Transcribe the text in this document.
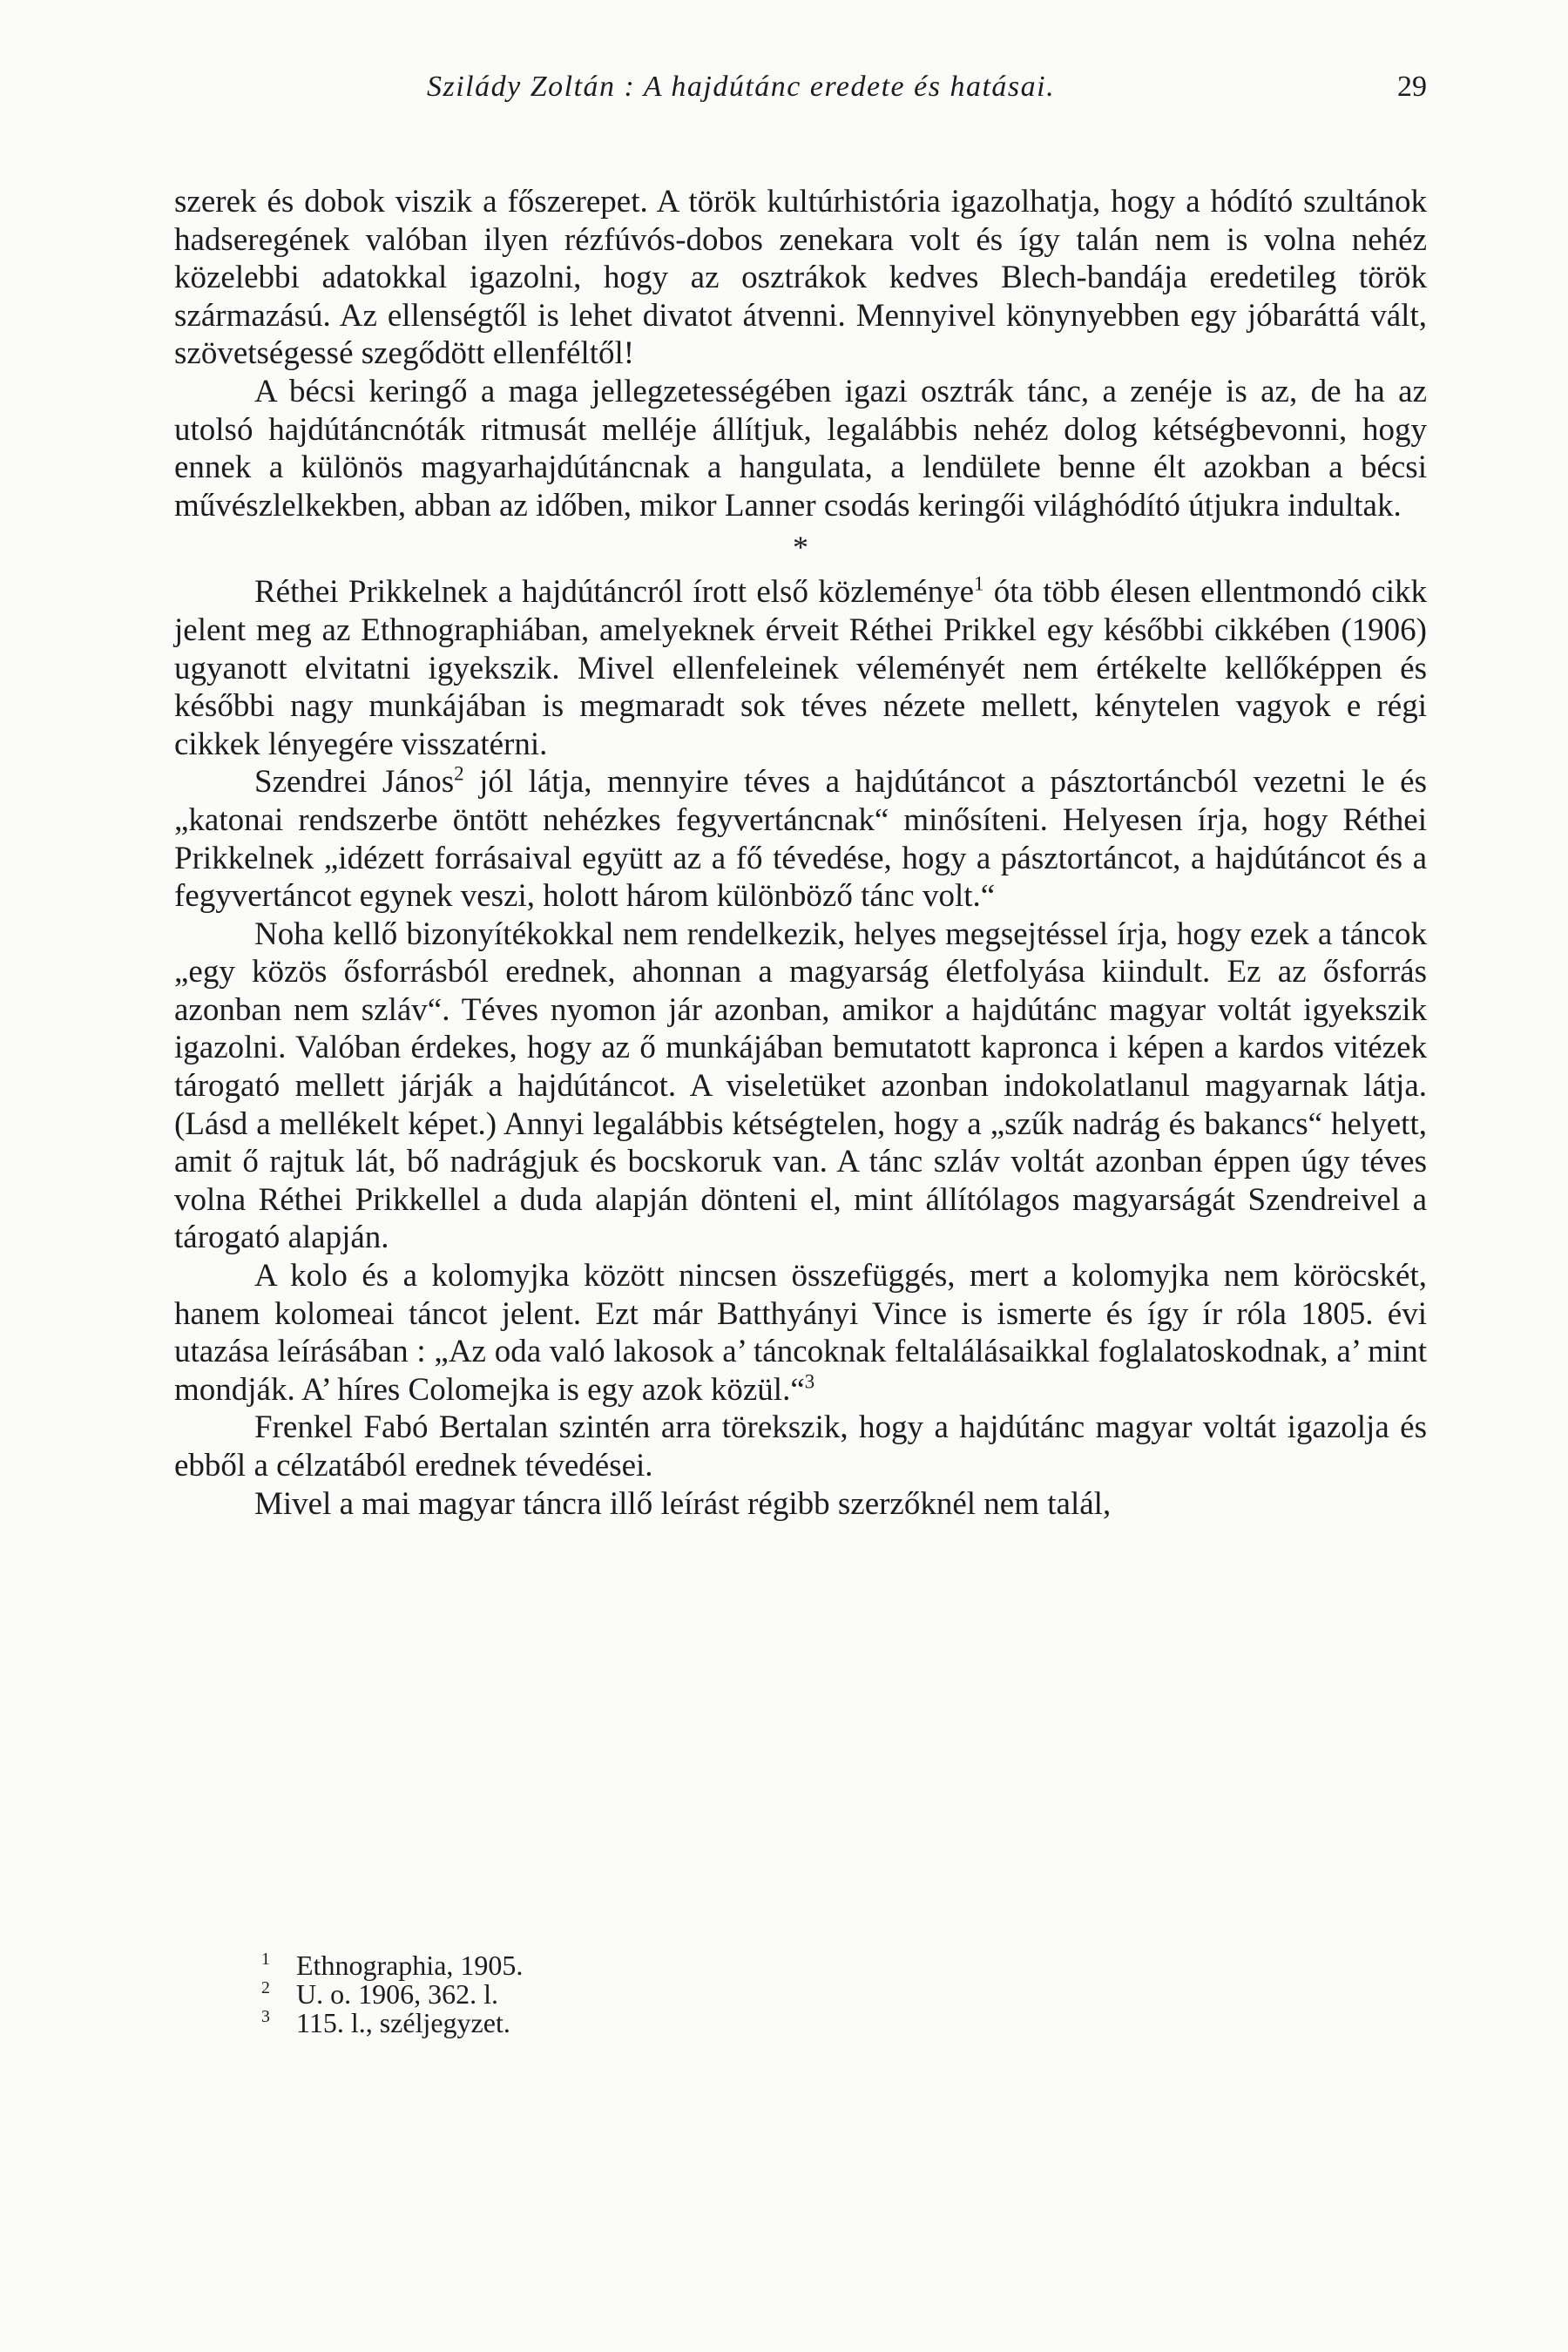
Sziládу Zoltán : A hajdútánc eredete és hatásai.	29

szerek és dobok viszik a főszerepet. A török kultúrhistória igazolhatja, hogy a hódító szultánok hadseregének valóban ilyen rézfúvós-dobos zenekara volt és így talán nem is volna nehéz közelebbi adatokkal igazolni, hogy az osztrákok kedves Blech-bandája eredetileg török származású. Az ellenségtől is lehet divatot átvenni. Mennyivel könynyebben egy jóbaráttá vált, szövetségessé szegődött ellenféltől!

A bécsi keringő a maga jellegzetességében igazi osztrák tánc, a zenéje is az, de ha az utolsó hajdútáncnóták ritmusát melléje állítjuk, legalábbis nehéz dolog kétségbevonni, hogy ennek a különös magyarhajdútáncnak a hangulata, a lendülete benne élt azokban a bécsi művészlelkekben, abban az időben, mikor Lanner csodás keringői világhódító útjukra indultak.

*

Réthei Prikkelnek a hajdútáncról írott első közleménye$^1$ óta több élesen ellentmondó cikk jelent meg az Ethnographiában, amelyeknek érveit Réthei Prikkel egy későbbi cikkében (1906) ugyanott elvitatni igyekszik. Mivel ellenfeleinek véleményét nem értékelte kellőképpen és későbbi nagy munkájában is megmaradt sok téves nézete mellett, kénytelen vagyok e régi cikkek lényegére visszatérni.

Szendrei János$^2$ jól látja, mennyire téves a hajdútáncot a pásztortáncból vezetni le és „katonai rendszerbe öntött nehézkes fegyvertáncnak“ minősíteni. Helyesen írja, hogy Réthei Prikkelnek „idézett forrásaival együtt az a fő tévedése, hogy a pásztortáncot, a hajdútáncot és a fegyvertáncot egynek veszi, holott három különböző tánc volt.“

Noha kellő bizonyítékokkal nem rendelkezik, helyes megsejtéssel írja, hogy ezek a táncok „egy közös ősforrásból erednek, ahonnan a magyarság életfolyása kiindult. Ez az ősforrás azonban nem szláv“. Téves nyomon jár azonban, amikor a hajdútánc magyar voltát igyekszik igazolni. Valóban érdekes, hogy az ő munkájában bemutatott kapronca i képen a kardos vitézek tárogató mellett járják a hajdútáncot. A viseletüket azonban indokolatlanul magyarnak látja. (Lásd a mellékelt képet.) Annyi legalábbis kétségtelen, hogy a „szűk nadrág és bakancs“ helyett, amit ő rajtuk lát, bő nadrágjuk és bocskoruk van. A tánc szláv voltát azonban éppen úgy téves volna Réthei Prikkellel a duda alapján dönteni el, mint állítólagos magyarságát Szendreivel a tárogató alapján.

A kolo és a kolomyjka között nincsen összefüggés, mert a kolomyjka nem köröcskét, hanem kolomeai táncot jelent. Ezt már Batthyányi Vince is ismerte és így ír róla 1805. évi utazása leírásában : „Az oda való lakosok a’ táncoknak feltalálásaikkal foglalatoskodnak, a’ mint mondják. A’ híres Colomejka is egy azok közül.“$^3$

Frenkel Fabó Bertalan szintén arra törekszik, hogy a hajdútánc magyar voltát igazolja és ebből a célzatából erednek tévedései.

Mivel a mai magyar táncra illő leírást régibb szerzőknél nem talál,

$^1$ Ethnographia, 1905.
$^2$ U. o. 1906, 362. l.
$^3$ 115. l., széljegyzet.
